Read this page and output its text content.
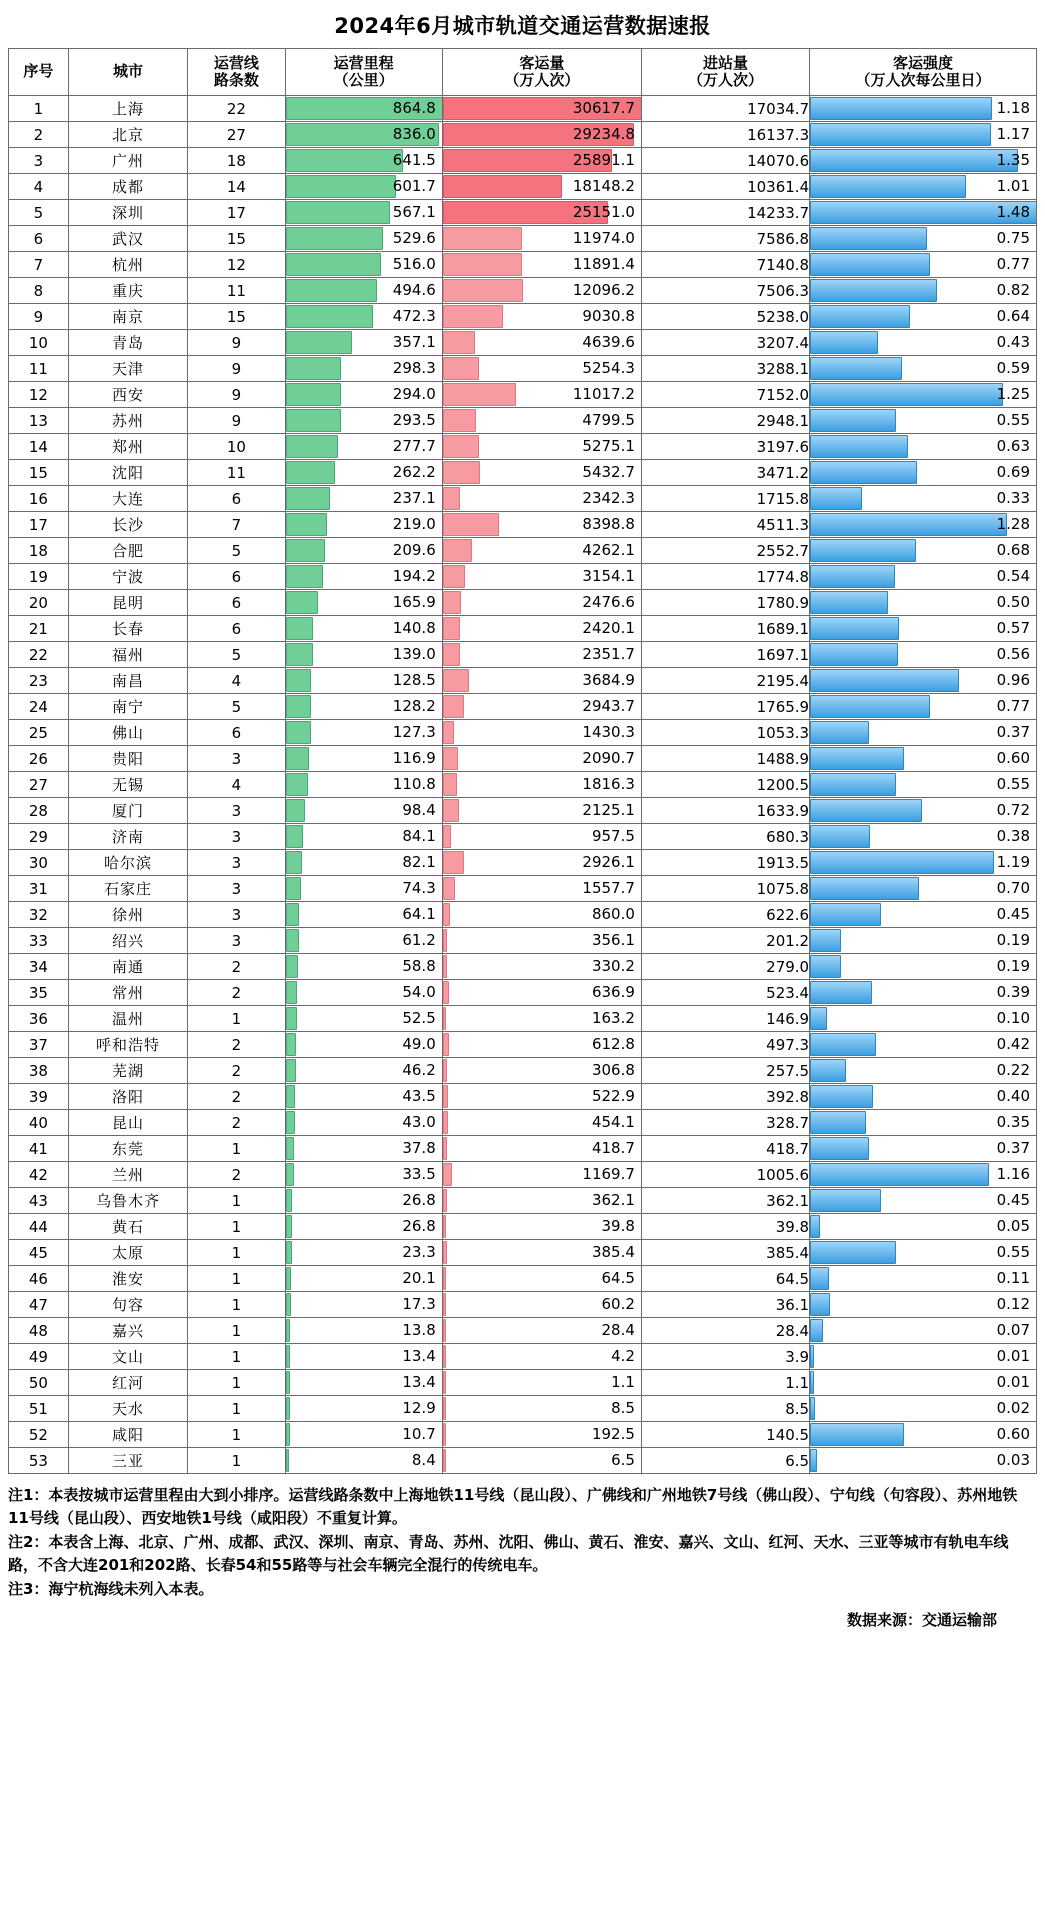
2024年6月城市轨道交通运营数据速报
序号	城市	运营线
路条数

运营里程
（公里）

客运量
（万人次）

进站量
（万人次）

客运强度
（万人次每公里日）

1	上海	22	864.8	30617.7	17034.7	1.18

2	北京	27	836.0	29234.8	16137.3	1.17

3	广州	18	641.5	25891.1	14070.6	1.35

4	成都	14	601.7	18148.2	10361.4	1.01

5	深圳	17	567.1	25151.0	14233.7	1.48

6	武汉	15	529.6	11974.0	7586.8	0.75

7	杭州	12	516.0	11891.4	7140.8	0.77

8	重庆	11	494.6	12096.2	7506.3	0.82

9	南京	15	472.3	9030.8	5238.0	0.64

10	青岛	9	357.1	4639.6	3207.4	0.43

11	天津	9	298.3	5254.3	3288.1	0.59

12	西安	9	294.0	11017.2	7152.0	1.25

13	苏州	9	293.5	4799.5	2948.1	0.55

14	郑州	10	277.7	5275.1	3197.6	0.63

15	沈阳	11	262.2	5432.7	3471.2	0.69

16	大连	6	237.1	2342.3	1715.8	0.33

17	长沙	7	219.0	8398.8	4511.3	1.28

18	合肥	5	209.6	4262.1	2552.7	0.68

19	宁波	6	194.2	3154.1	1774.8	0.54

20	昆明	6	165.9	2476.6	1780.9	0.50

21	长春	6	140.8	2420.1	1689.1	0.57

22	福州	5	139.0	2351.7	1697.1	0.56

23	南昌	4	128.5	3684.9	2195.4	0.96

24	南宁	5	128.2	2943.7	1765.9	0.77

25	佛山	6	127.3	1430.3	1053.3	0.37

26	贵阳	3	116.9	2090.7	1488.9	0.60

27	无锡	4	110.8	1816.3	1200.5	0.55

28	厦门	3	98.4	2125.1	1633.9	0.72

29	济南	3	84.1	957.5	680.3	0.38

30	哈尔滨	3	82.1	2926.1	1913.5	1.19

31	石家庄	3	74.3	1557.7	1075.8	0.70

32	徐州	3	64.1	860.0	622.6	0.45

33	绍兴	3	61.2	356.1	201.2	0.19

34	南通	2	58.8	330.2	279.0	0.19

35	常州	2	54.0	636.9	523.4	0.39

36	温州	1	52.5	163.2	146.9	0.10

37	呼和浩特	2	49.0	612.8	497.3	0.42

38	芜湖	2	46.2	306.8	257.5	0.22

39	洛阳	2	43.5	522.9	392.8	0.40

40	昆山	2	43.0	454.1	328.7	0.35

41	东莞	1	37.8	418.7	418.7	0.37

42	兰州	2	33.5	1169.7	1005.6	1.16

43	乌鲁木齐	1	26.8	362.1	362.1	0.45

44	黄石	1	26.8	39.8	39.8	0.05

45	太原	1	23.3	385.4	385.4	0.55

46	淮安	1	20.1	64.5	64.5	0.11

47	句容	1	17.3	60.2	36.1	0.12

48	嘉兴	1	13.8	28.4	28.4	0.07

49	文山	1	13.4	4.2	3.9	0.01

50	红河	1	13.4	1.1	1.1	0.01

51	天水	1	12.9	8.5	8.5	0.02

52	咸阳	1	10.7	192.5	140.5	0.60

53	三亚	1	8.4	6.5	6.5	0.03

注1：本表按城市运营里程由大到小排序。运营线路条数中上海地铁11号线（昆山段）、广佛线和广州地铁7号线（佛山段）、宁句线（句容段）、苏州地铁11号线（昆山段）、西安地铁1号线（咸阳段）不重复计算。

注2：本表含上海、北京、广州、成都、武汉、深圳、南京、青岛、苏州、沈阳、佛山、黄石、淮安、嘉兴、文山、红河、天水、三亚等城市有轨电车线路，不含大连201和202路、长春54和55路等与社会车辆完全混行的传统电车。

注3：海宁杭海线未列入本表。

数据来源：交通运输部
